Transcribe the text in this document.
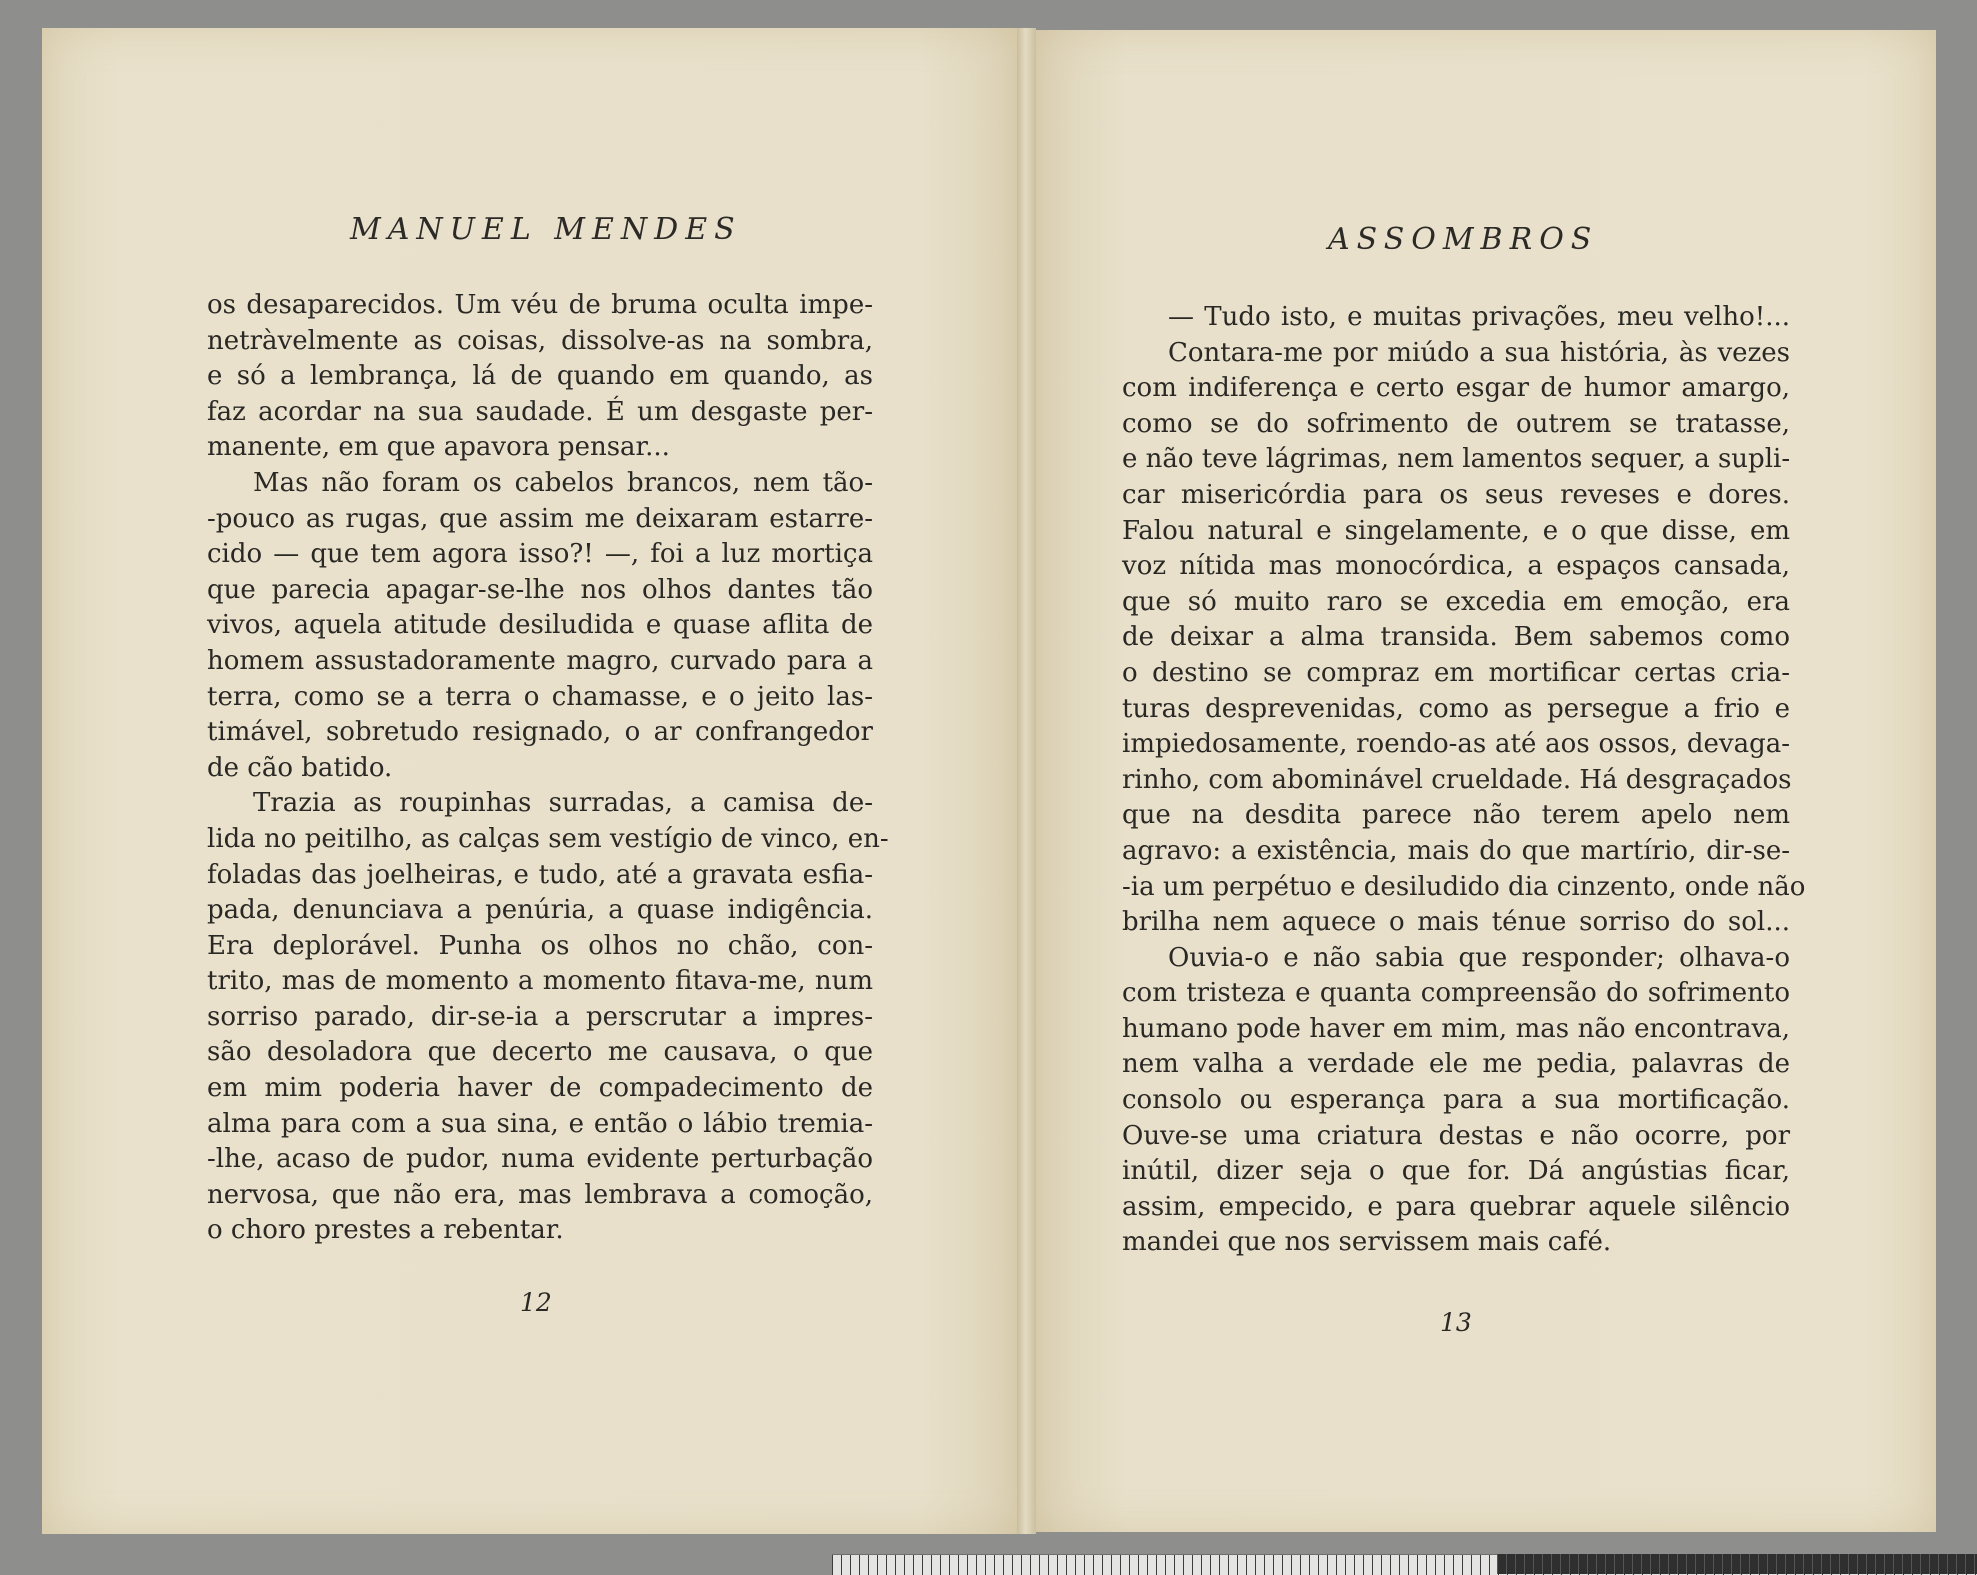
MANUEL MENDES	ASSOMBROS
os desaparecidos. Um véu de bruma oculta impe-
netràvelmente as coisas, dissolve-as na sombra,
e só a lembrança, lá de quando em quando, as
faz acordar na sua saudade. É um desgaste per-
manente, em que apavora pensar...
Mas não foram os cabelos brancos, nem tão-
-pouco as rugas, que assim me deixaram estarre-
cido — que tem agora isso?! —, foi a luz mortiça
que parecia apagar-se-lhe nos olhos dantes tão
vivos, aquela atitude desiludida e quase aflita de
homem assustadoramente magro, curvado para a
terra, como se a terra o chamasse, e o jeito las-
timável, sobretudo resignado, o ar confrangedor
de cão batido.
Trazia as roupinhas surradas, a camisa de-
lida no peitilho, as calças sem vestígio de vinco, en-
foladas das joelheiras, e tudo, até a gravata esfia-
pada, denunciava a penúria, a quase indigência.
Era deplorável. Punha os olhos no chão, con-
trito, mas de momento a momento fitava-me, num
sorriso parado, dir-se-ia a perscrutar a impres-
são desoladora que decerto me causava, o que
em mim poderia haver de compadecimento de
alma para com a sua sina, e então o lábio tremia-
-lhe, acaso de pudor, numa evidente perturbação
nervosa, que não era, mas lembrava a comoção,
o choro prestes a rebentar.
— Tudo isto, e muitas privações, meu velho!...
Contara-me por miúdo a sua história, às vezes
com indiferença e certo esgar de humor amargo,
como se do sofrimento de outrem se tratasse,
e não teve lágrimas, nem lamentos sequer, a supli-
car misericórdia para os seus reveses e dores.
Falou natural e singelamente, e o que disse, em
voz nítida mas monocórdica, a espaços cansada,
que só muito raro se excedia em emoção, era
de deixar a alma transida. Bem sabemos como
o destino se compraz em mortificar certas cria-
turas desprevenidas, como as persegue a frio e
impiedosamente, roendo-as até aos ossos, devaga-
rinho, com abominável crueldade. Há desgraçados
que na desdita parece não terem apelo nem
agravo: a existência, mais do que martírio, dir-se-
-ia um perpétuo e desiludido dia cinzento, onde não
brilha nem aquece o mais ténue sorriso do sol...
Ouvia-o e não sabia que responder; olhava-o
com tristeza e quanta compreensão do sofrimento
humano pode haver em mim, mas não encontrava,
nem valha a verdade ele me pedia, palavras de
consolo ou esperança para a sua mortificação.
Ouve-se uma criatura destas e não ocorre, por
inútil, dizer seja o que for. Dá angústias ficar,
assim, empecido, e para quebrar aquele silêncio
mandei que nos servissem mais café.
12
13
